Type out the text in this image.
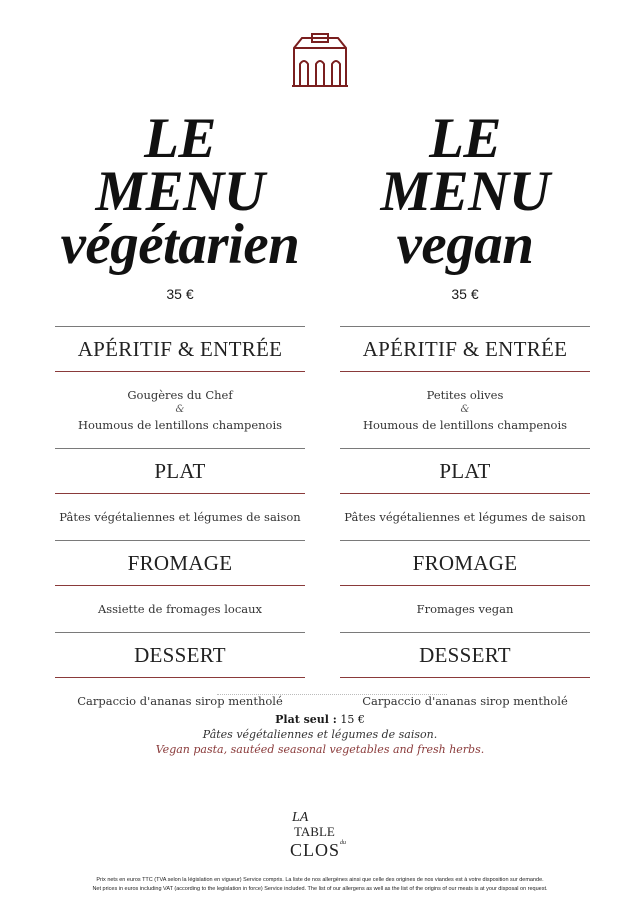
LE MENU
végétarien
35 €
APÉRITIF & ENTRÉE
Gougères du Chef
&
Houmous de lentillons champenois
PLAT
Pâtes végétaliennes et légumes de saison
FROMAGE
Assiette de fromages locaux
DESSERT
Carpaccio d'ananas sirop mentholé
LE MENU
vegan
35 €
APÉRITIF & ENTRÉE
Petites olives
&
Houmous de lentillons champenois
PLAT
Pâtes végétaliennes et légumes de saison
FROMAGE
Fromages vegan
DESSERT
Carpaccio d'ananas sirop mentholé
Plat seul : 15 €
Pâtes végétaliennes et légumes de saison.
Vegan pasta, sautéed seasonal vegetables and fresh herbs.
LA
TABLE
du
CLOS
Prix nets en euros TTC (TVA selon la législation en vigueur) Service compris. La liste de nos allergènes ainsi que celle des origines de nos viandes est à votre disposition sur demande.
Net prices in euros including VAT (according to the legislation in force) Service included. The list of our allergens as well as the list of the origins of our meats is at your disposal on request.
